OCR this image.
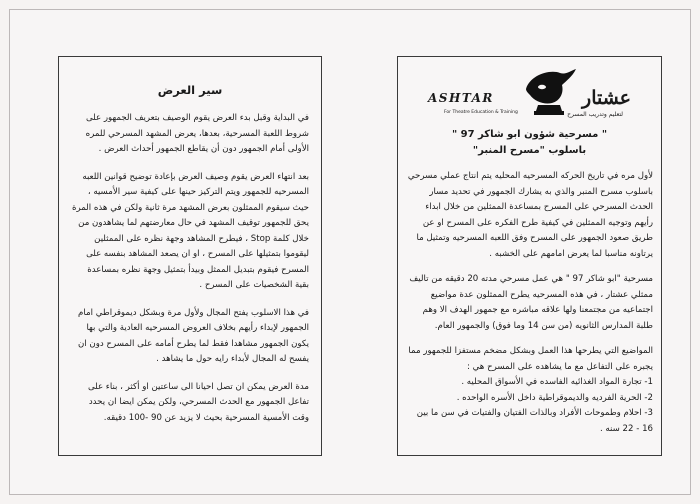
سير العرض

في البداية وقبل بدء العرض يقوم الوصيف بتعريف الجمهور على شروط اللعبة المسرحية، بعدها، يعرض المشهد المسرحي للمره الأولى أمام الجمهور دون أن يقاطع الجمهور أحداث العرض .

بعد انتهاء العرض يقوم وصيف العرض بإعادة توضيح قوانين اللعبه المسرحيه للجمهور ويتم التركيز حينها على كيفية سير الأمسيه ، حيث سيقوم الممثلون بعرض المشهد مرة ثانية ولكن في هذه المرة يحق للجمهور توقيف المشهد في حال معارضتهم لما يشاهدون من خلال كلمة Stop ، فيطرح المشاهد وجهة نظره على الممثلين ليقوموا بتمثيلها على المسرح ، او ان يصعد المشاهد بنفسه على المسرح فيقوم بتبديل الممثل وبيدأ بتمثيل وجهة نظره بمساعدة بقية الشخصيات على المسرح .

في هذا الاسلوب يفتح المجال ولأول مرة وبشكل ديموقراطي امام الجمهور لإبداء رأيهم بخلاف العروض المسرحيه العادية والتي بها يكون الجمهور مشاهدا فقط لما يطرح أمامه على المسرح دون ان يفسح له المجال لأبداء رايه حول ما يشاهد .

مدة العرض يمكن ان تصل احيانا الى ساعتين او أكثر ، بناء على تفاعل الجمهور مع الحدث المسرحي، ولكن يمكن ايضا ان يحدد وقت الأمسية المسرحية بحيث لا يزيد عن 90 -100 دقيقه.

عشتار
لتعليم وتدريب المسرح
ASHTAR
For Theatre Education & Training
" مسرحية شؤون ابو شاكر 97 "
باسلوب "مسرح المنبر"

لأول مره في تاريخ الحركه المسرحيه المحليه يتم انتاج عملي مسرحي باسلوب مسرح المنبر والذي به يشارك الجمهور في تحديد مسار الحدث المسرحي على المسرح بمساعدة الممثلين من خلال ابداء رأيهم وتوجيه الممثلين في كيفية طرح الفكره على المسرح او عن طريق صعود الجمهور على المسرح وفق اللعبه المسرحيه وتمثيل ما يرتاونه مناسبا لما يعرض امامهم على الخشبه .

مسرحية "ابو شاكر 97 " هي عمل مسرحي مدته 20 دقيقه من تاليف ممثلي عشتار ، في هذه المسرحيه يطرح الممثلون عدة مواضيع اجتماعيه من مجتمعنا ولها علاقه مباشره مع جمهور الهدف الا وهم طلبة المدارس الثانويه (من سن 14 وما فوق) والجمهور العام.

المواضيع التي يطرحها هذا العمل وبشكل مضخم مستفزا للجمهور مما يجبره على التفاعل مع ما يشاهده على المسرح هي :

1- تجارة المواد الغذائيه الفاسده في الأسواق المحليه .
2- الحرية الفرديه والديموقراطية داخل الأسره الواحده .
3- احلام وطموحات الأفراد وبالذات الفتيان والفتيات في سن ما بين 16 - 22 سنه .
